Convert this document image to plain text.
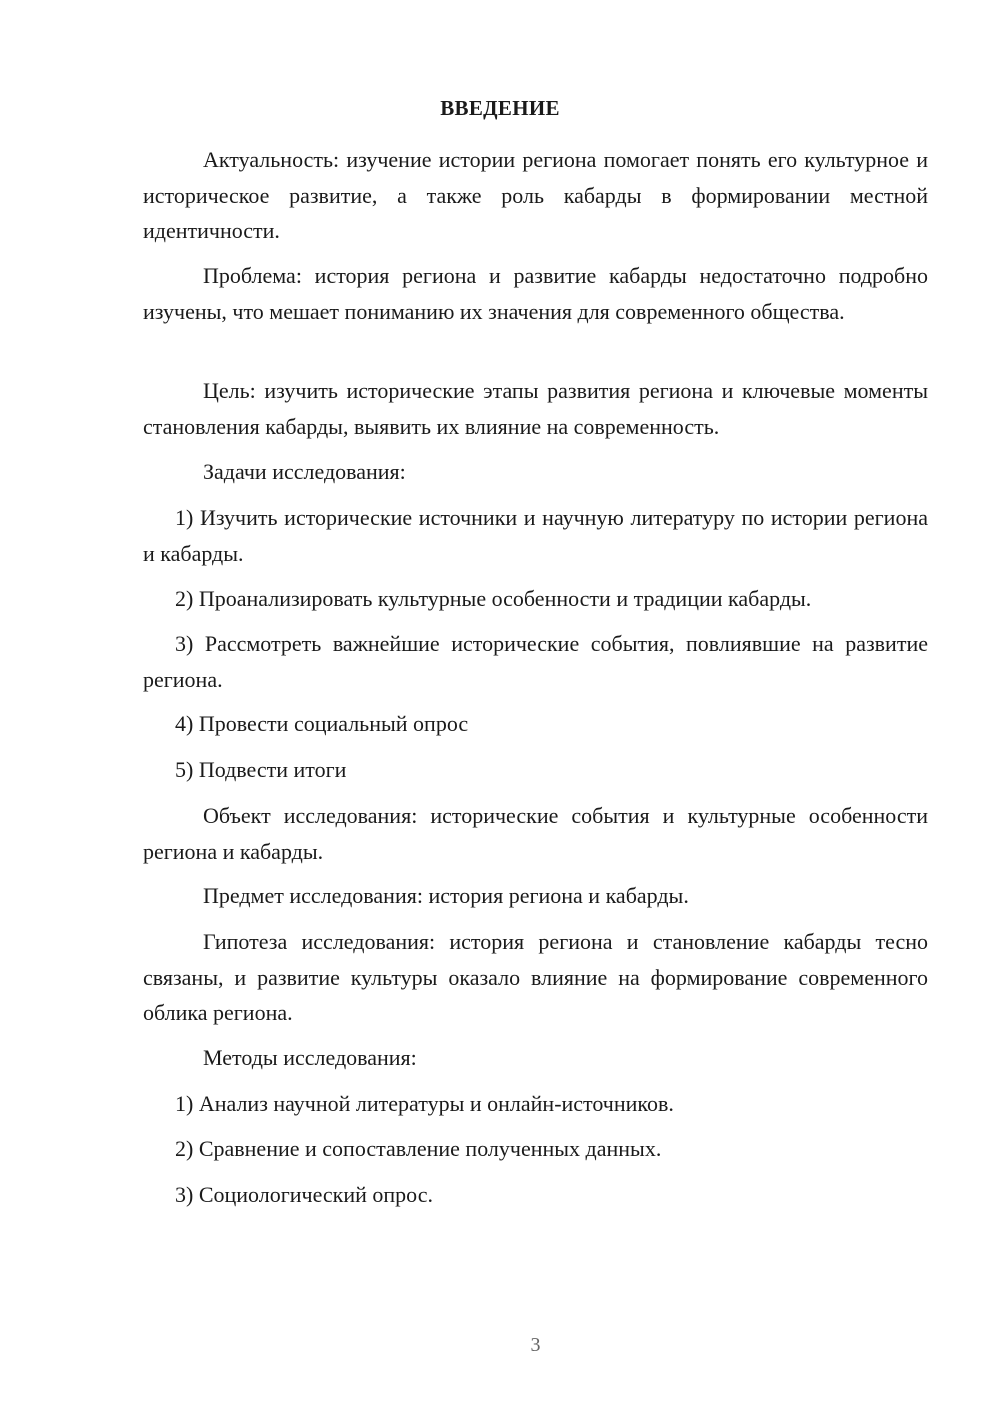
ВВЕДЕНИЕ

Актуальность: изучение истории региона помогает понять его культурное и историческое развитие, а также роль кабарды в формировании местной идентичности.

Проблема: история региона и развитие кабарды недостаточно подробно изучены, что мешает пониманию их значения для современного общества.

Цель: изучить исторические этапы развития региона и ключевые моменты становления кабарды, выявить их влияние на современность.

Задачи исследования:

1) Изучить исторические источники и научную литературу по истории региона и кабарды.

2) Проанализировать культурные особенности и традиции кабарды.

3) Рассмотреть важнейшие исторические события, повлиявшие на развитие региона.

4) Провести социальный опрос

5) Подвести итоги

Объект исследования: исторические события и культурные особенности региона и кабарды.

Предмет исследования: история региона и кабарды.

Гипотеза исследования: история региона и становление кабарды тесно связаны, и развитие культуры оказало влияние на формирование современного облика региона.

Методы исследования:

1) Анализ научной литературы и онлайн-источников.

2) Сравнение и сопоставление полученных данных.

3) Социологический опрос.

3
